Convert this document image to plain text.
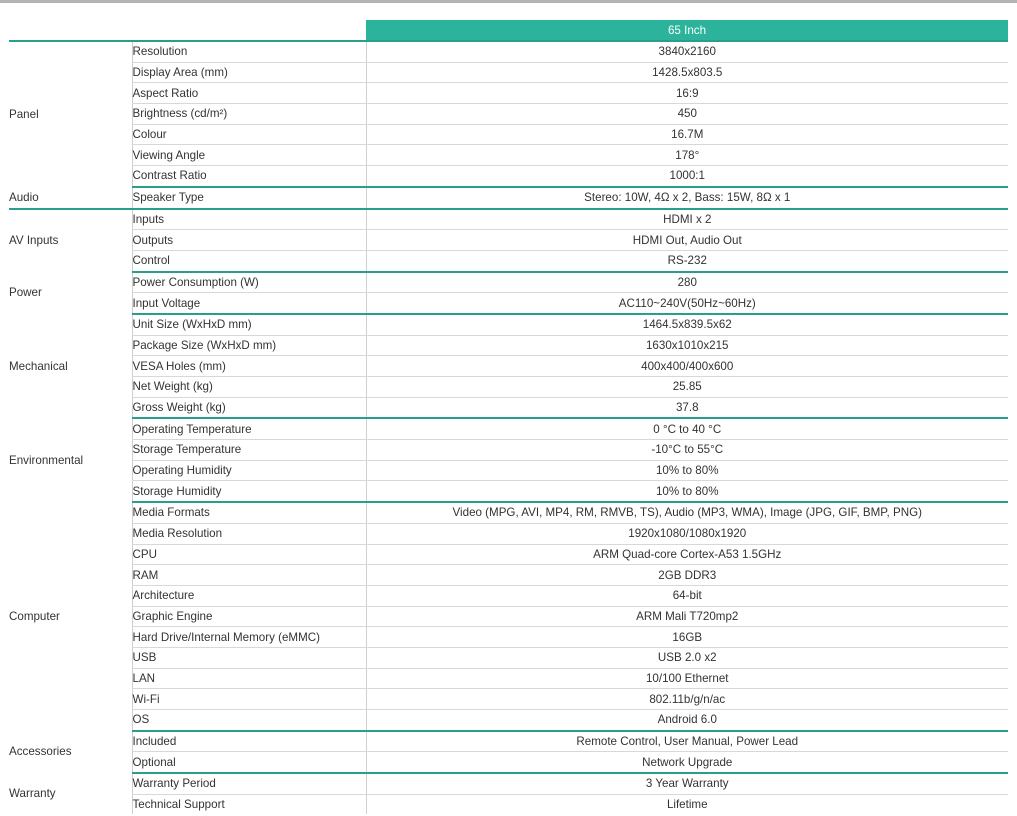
		65 Inch
Panel	Resolution	3840x2160
	Display Area (mm)	1428.5x803.5
	Aspect Ratio	16:9
	Brightness (cd/m²)	450
	Colour	16.7M
	Viewing Angle	178°
	Contrast Ratio	1000:1
Audio	Speaker Type	Stereo: 10W, 4Ω x 2, Bass: 15W, 8Ω x 1
AV Inputs	Inputs	HDMI x 2
	Outputs	HDMI Out, Audio Out
	Control	RS-232
Power	Power Consumption (W)	280
	Input Voltage	AC110~240V(50Hz~60Hz)
Mechanical	Unit Size (WxHxD mm)	1464.5x839.5x62
	Package Size (WxHxD mm)	1630x1010x215
	VESA Holes (mm)	400x400/400x600
	Net Weight (kg)	25.85
	Gross Weight (kg)	37.8
Environmental	Operating Temperature	0 °C to 40 °C
	Storage Temperature	-10°C to 55°C
	Operating Humidity	10% to 80%
	Storage Humidity	10% to 80%
Computer	Media Formats	Video (MPG, AVI, MP4, RM, RMVB, TS), Audio (MP3, WMA), Image (JPG, GIF, BMP, PNG)
	Media Resolution	1920x1080/1080x1920
	CPU	ARM Quad-core Cortex-A53 1.5GHz
	RAM	2GB DDR3
	Architecture	64-bit
	Graphic Engine	ARM Mali T720mp2
	Hard Drive/Internal Memory (eMMC)	16GB
	USB	USB 2.0 x2
	LAN	10/100 Ethernet
	Wi-Fi	802.11b/g/n/ac
	OS	Android 6.0
Accessories	Included	Remote Control, User Manual, Power Lead
	Optional	Network Upgrade
Warranty	Warranty Period	3 Year Warranty
	Technical Support	Lifetime
